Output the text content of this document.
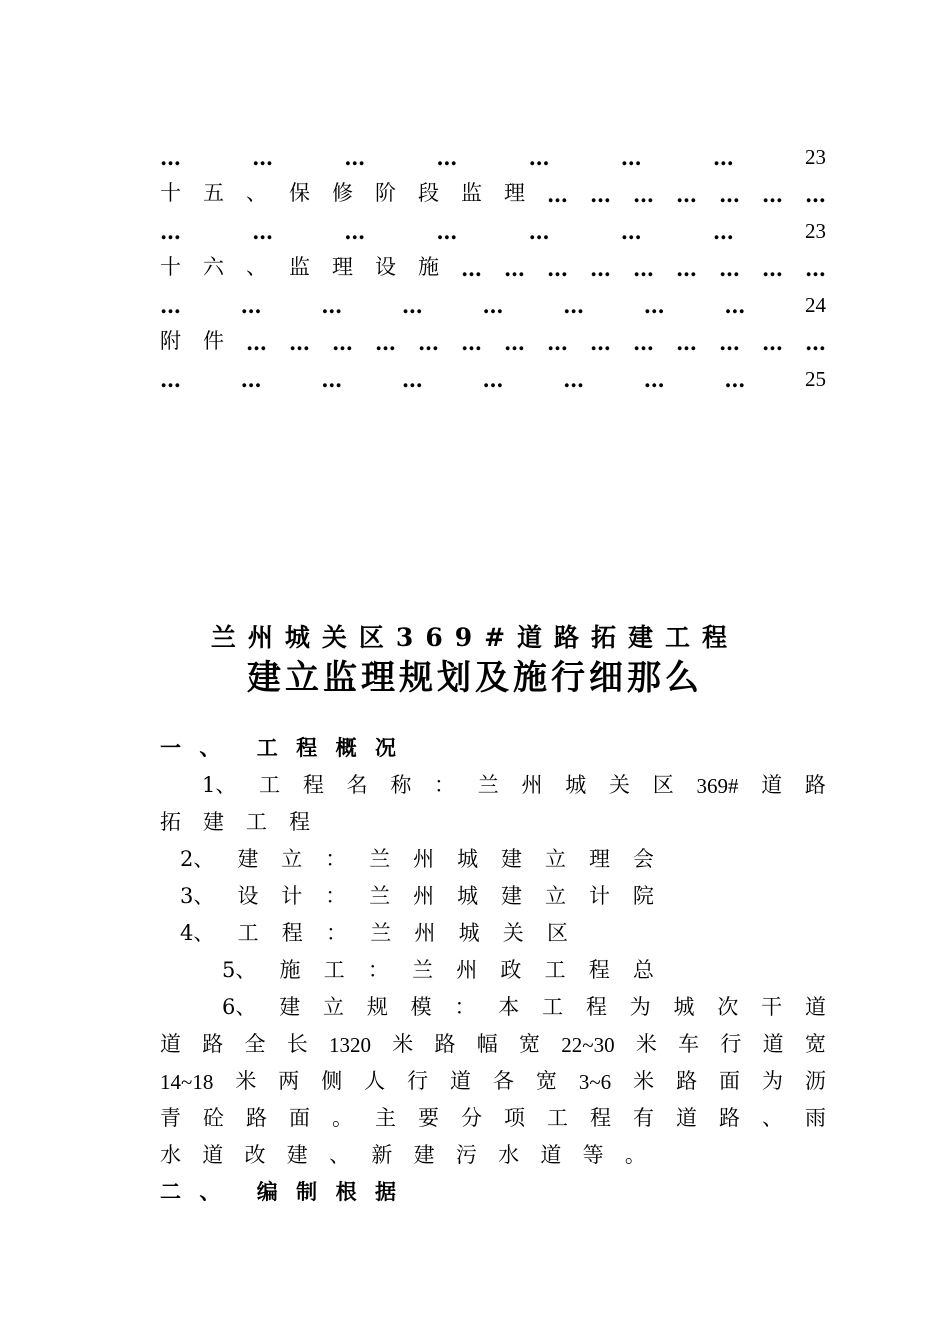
…	…	…	…	…	…	…	23
十 五 、 保 修 阶 段 监 理 … … … … … … …
…	…	…	…	…	…	…	23
十 六 、 监 理 设 施 … … … … … … … … …
…	…	…	…	…	…	…	…	24
附 件 … … … … … … … … … … … … … …
…	…	…	…	…	…	…	…	25
兰州城关区369#道路拓建工程
建立监理规划及施行细那么
一 、 工 程 概 况
1、 工 程 名 称 ： 兰 州 城 关 区 369# 道 路
拓 建 工 程
2、 建 立 ： 兰 州 城 建 立 理 会
3、 设 计 ： 兰 州 城 建 立 计 院
4、 工 程 ： 兰 州 城 关 区
5、 施 工 ： 兰 州 政 工 程 总
6、 建 立 规 模 ： 本 工 程 为 城 次 干 道
道 路 全 长 1320 米 路 幅 宽 22~30 米 车 行 道 宽
14~18 米 两 侧 人 行 道 各 宽 3~6 米 路 面 为 沥
青 砼 路 面 。 主 要 分 项 工 程 有 道 路 、 雨
水 道 改 建 、 新 建 污 水 道 等 。
二 、 编 制 根 据
